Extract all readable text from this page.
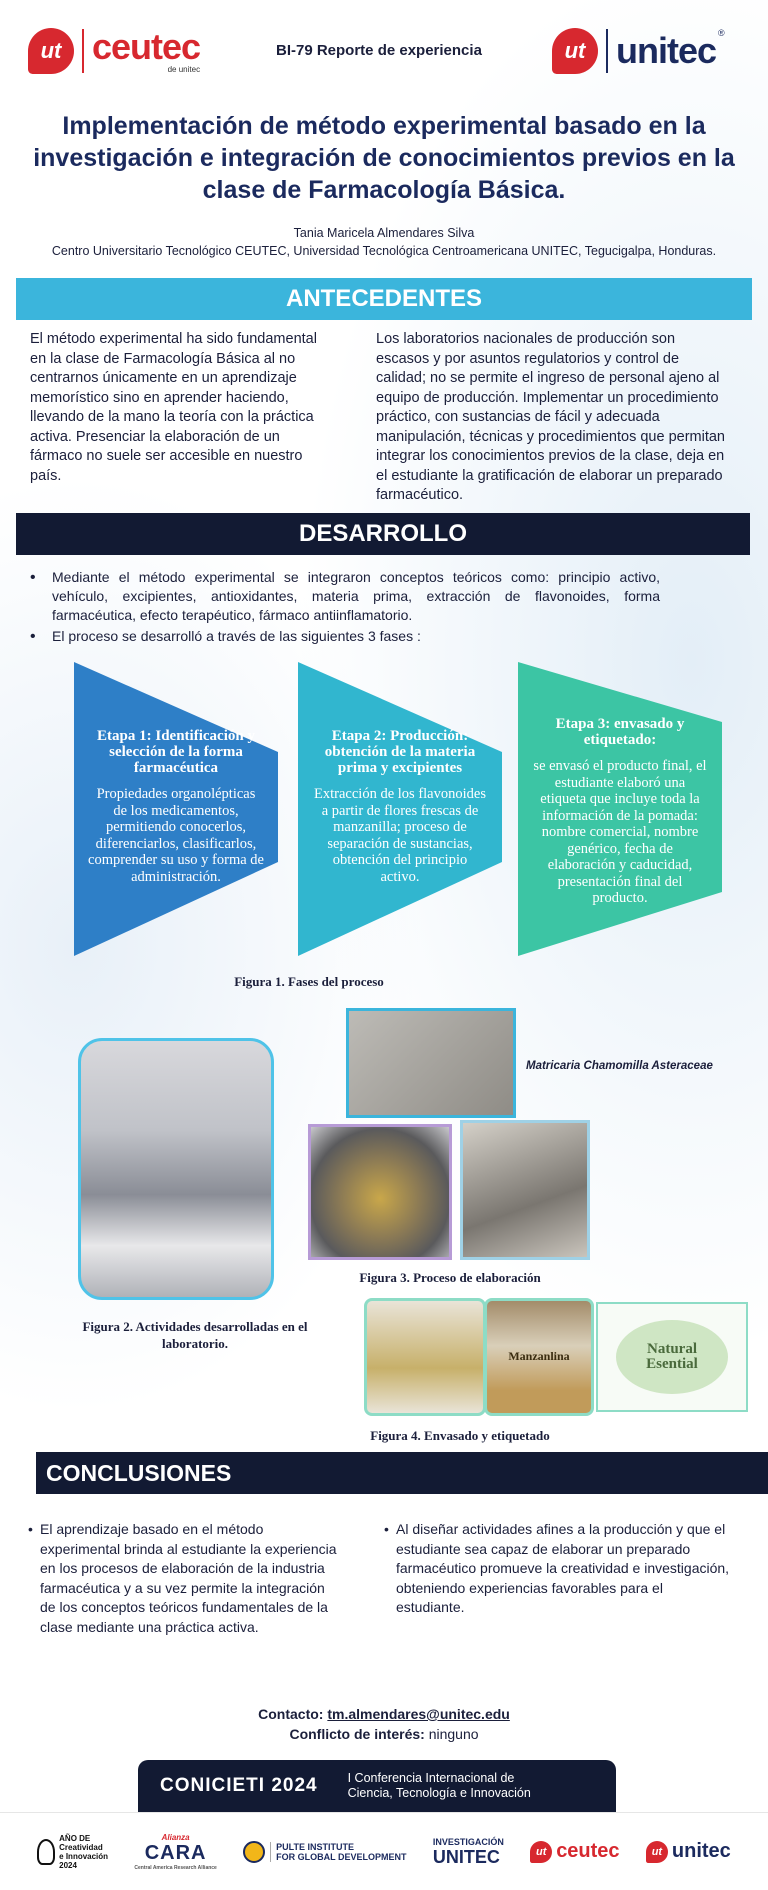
ut ceutec
de unitec
BI-79 Reporte de experiencia	ut unitec ®
Implementación de método experimental basado en la investigación e integración de conocimientos previos en la clase de Farmacología Básica.
Tania Maricela Almendares Silva
Centro Universitario Tecnológico CEUTEC, Universidad Tecnológica Centroamericana UNITEC, Tegucigalpa, Honduras.
ANTECEDENTES
El método experimental ha sido fundamental en la clase de Farmacología Básica al no centrarnos únicamente en un aprendizaje memorístico sino en aprender haciendo, llevando de la mano la teoría con la práctica activa. Presenciar la elaboración de un fármaco no suele ser accesible en nuestro país.
Los laboratorios nacionales de producción son escasos y por asuntos regulatorios y control de calidad; no se permite el ingreso de personal ajeno al equipo de producción. Implementar un procedimiento práctico, con sustancias de fácil y adecuada manipulación, técnicas y procedimientos que permitan integrar los conocimientos previos de la clase, deja en el estudiante la gratificación de elaborar un preparado farmacéutico.
DESARROLLO
• Mediante el método experimental se integraron conceptos teóricos como: principio activo, vehículo, excipientes, antioxidantes, materia prima, extracción de flavonoides, forma farmacéutica, efecto terapéutico, fármaco antiinflamatorio.
• El proceso se desarrolló a través de las siguientes 3 fases :
Etapa 1: Identificación y selección de la forma farmacéutica
Propiedades organolépticas de los medicamentos, permitiendo conocerlos, diferenciarlos, clasificarlos, comprender su uso y forma de administración.
Etapa 2: Producción: obtención de la materia prima y excipientes
Extracción de los flavonoides a partir de flores frescas de manzanilla; proceso de separación de sustancias, obtención del principio activo.
Etapa 3: envasado y etiquetado:
se envasó el producto final, el estudiante elaboró una etiqueta que incluye toda la información de la pomada: nombre comercial, nombre genérico, fecha de elaboración y caducidad, presentación final del producto.
Figura 1. Fases del proceso
Figura 2. Actividades desarrolladas en el laboratorio.
Matricaria Chamomilla Asteraceae
Figura 3. Proceso de elaboración
Manzanlina	Natural
Esential
Figura 4. Envasado y etiquetado
CONCLUSIONES
• El aprendizaje basado en el método experimental brinda al estudiante la experiencia en los procesos de elaboración de la industria farmacéutica y a su vez permite la integración de los conceptos teóricos fundamentales de la clase mediante una práctica activa.
• Al diseñar actividades afines a la producción y que el estudiante sea capaz de elaborar un preparado farmacéutico promueve la creatividad e investigación, obteniendo experiencias favorables para el estudiante.
Contacto: tm.almendares@unitec.edu
Conflicto de interés: ninguno
CONICIETI 2024 I Conferencia Internacional de
Ciencia, Tecnología e Innovación
AÑO DE
Creatividad
e Innovación
2024
Alianza
CARA
Central America Research Alliance
PULTE INSTITUTE
FOR GLOBAL DEVELOPMENT
INVESTIGACIÓN
UNITEC	ut ceutec	ut unitec
